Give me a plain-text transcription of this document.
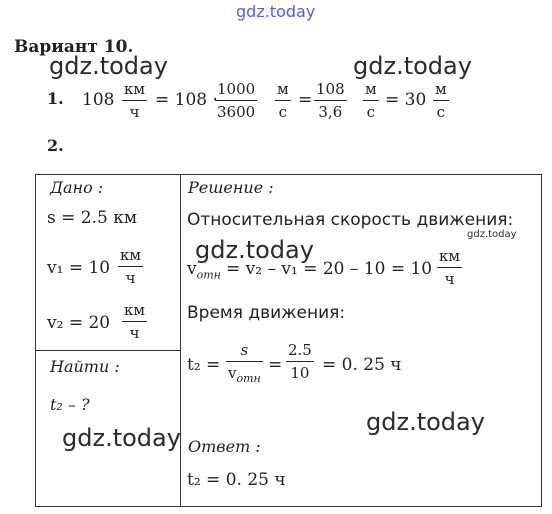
gdz.today
gdz.today	gdz.today
gdz.today
gdz.today
gdz.today
gdz.today
Вариант 10.
1. 108
км
ч
= 108 ·
1000
3600
м
с
=
108
3,6
м
с
= 30
м
с
2.
Дано :
s = 2.5 км
v₁ = 10
км
ч
v₂ = 20
км
ч
Найти :
t₂ – ?
Решение :
Относительная скорость движения:
$v_{отн} = v_2 - v_1 = 20 - 10 = 10$
км
ч
Время движения:
t₂ =
s
$v_{отн}$
=
2.5
10 = 0. 25 ч
Ответ :
t₂ = 0. 25 ч
